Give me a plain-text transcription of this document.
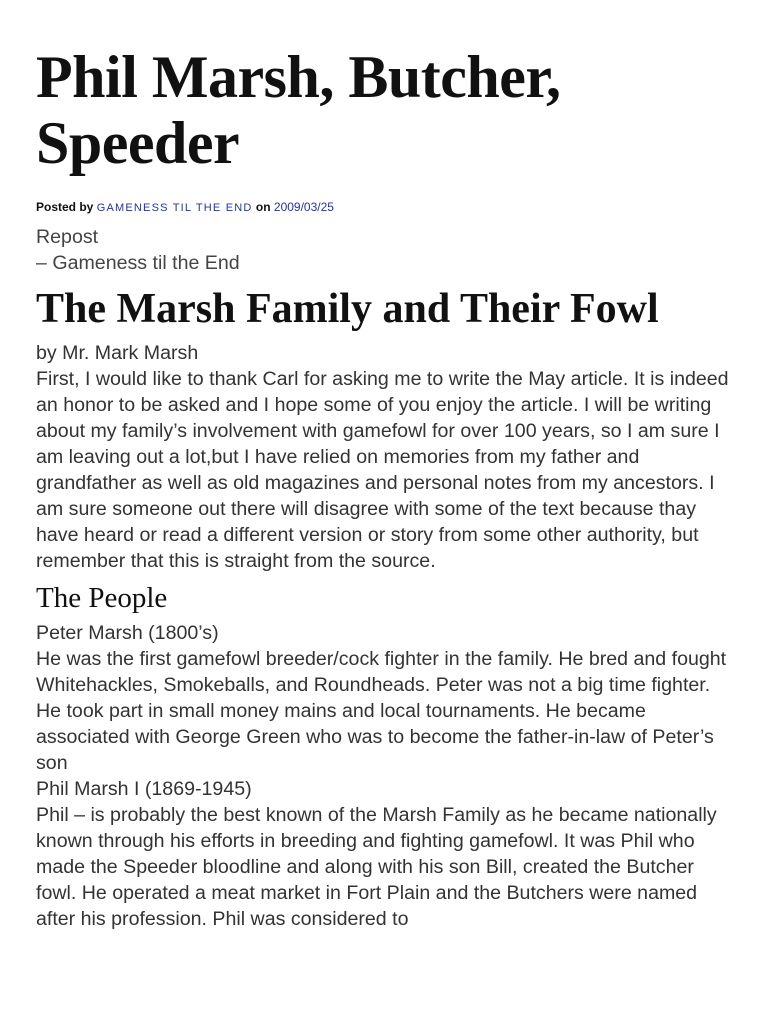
Phil Marsh, Butcher, Speeder
Posted by GAMENESS TIL THE END on 2009/03/25

Repost

– Gameness til the End

The Marsh Family and Their Fowl

by Mr. Mark Marsh

First, I would like to thank Carl for asking me to write the May article. It is indeed an honor to be asked and I hope some of you enjoy the article. I will be writing about my family’s involvement with gamefowl for over 100 years, so I am sure I am leaving out a lot,but I have relied on memories from my father and grandfather as well as old magazines and personal notes from my ancestors. I am sure someone out there will disagree with some of the text because thay have heard or read a different version or story from some other authority, but remember that this is straight from the source.

The People

Peter Marsh (1800’s)

He was the first gamefowl breeder/cock fighter in the family. He bred and fought Whitehackles, Smokeballs, and Roundheads. Peter was not a big time fighter. He took part in small money mains and local tournaments. He became associated with George Green who was to become the father-in-law of Peter’s son

Phil Marsh I (1869-1945)

Phil – is probably the best known of the Marsh Family as he became nationally known through his efforts in breeding and fighting gamefowl. It was Phil who made the Speeder bloodline and along with his son Bill, created the Butcher fowl. He operated a meat market in Fort Plain and the Butchers were named after his profession. Phil was considered to
